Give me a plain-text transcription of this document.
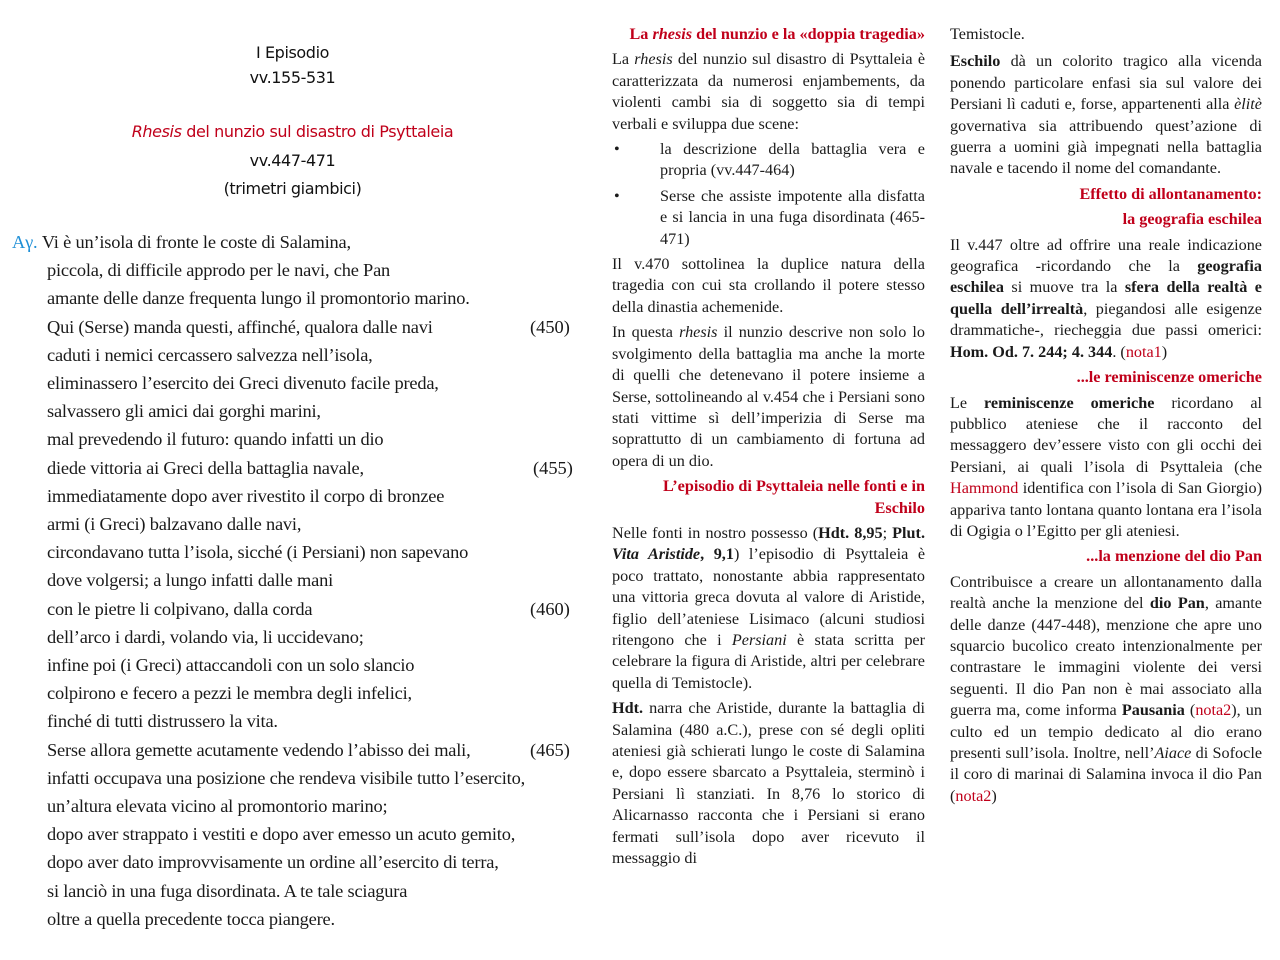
I Episodio
vv.155-531
Rhesis del nunzio sul disastro di Psyttaleia
vv.447-471
(trimetri giambici)
Aγ. Vi è un’isola di fronte le coste di Salamina,
piccola, di difficile approdo per le navi, che Pan
amante delle danze frequenta lungo il promontorio marino.
Qui (Serse) manda questi, affinché, qualora dalle navi	(450)
caduti i nemici cercassero salvezza nell’isola,
eliminassero l’esercito dei Greci divenuto facile preda,
salvassero gli amici dai gorghi marini,
mal prevedendo il futuro: quando infatti un dio
diede vittoria ai Greci della battaglia navale,	(455)
immediatamente dopo aver rivestito il corpo di bronzee
armi (i Greci) balzavano dalle navi,
circondavano tutta l’isola, sicché (i Persiani) non sapevano
dove volgersi; a lungo infatti dalle mani
con le pietre li colpivano, dalla corda	(460)
dell’arco i dardi, volando via, li uccidevano;
infine poi (i Greci) attaccandoli con un solo slancio
colpirono e fecero a pezzi le membra degli infelici,
finché di tutti distrussero la vita.
Serse allora gemette acutamente vedendo l’abisso dei mali,	(465)
infatti occupava una posizione che rendeva visibile tutto l’esercito,
un’altura elevata vicino al promontorio marino;
dopo aver strappato i vestiti e dopo aver emesso un acuto gemito,
dopo aver dato improvvisamente un ordine all’esercito di terra,
si lanciò in una fuga disordinata. A te tale sciagura
oltre a quella precedente tocca piangere.
La rhesis del nunzio e la «doppia tragedia»

La rhesis del nunzio sul disastro di Psyttaleia è caratterizzata da numerosi enjambements, da violenti cambi sia di soggetto sia di tempi verbali e sviluppa due scene:

• la descrizione della battaglia vera e propria (vv.447-464)
• Serse che assiste impotente alla disfatta e si lancia in una fuga disordinata (465-471)

Il v.470 sottolinea la duplice natura della tragedia con cui sta crollando il potere stesso della dinastia achemenide.

In questa rhesis il nunzio descrive non solo lo svolgimento della battaglia ma anche la morte di quelli che detenevano il potere insieme a Serse, sottolineando al v.454 che i Persiani sono stati vittime sì dell’imperizia di Serse ma soprattutto di un cambiamento di fortuna ad opera di un dio.

L’episodio di Psyttaleia nelle fonti e in Eschilo

Nelle fonti in nostro possesso (Hdt. 8,95; Plut. Vita Aristide, 9,1) l’episodio di Psyttaleia è poco trattato, nonostante abbia rappresentato una vittoria greca dovuta al valore di Aristide, figlio dell’ateniese Lisimaco (alcuni studiosi ritengono che i Persiani è stata scritta per celebrare la figura di Aristide, altri per celebrare quella di Temistocle).

Hdt. narra che Aristide, durante la battaglia di Salamina (480 a.C.), prese con sé degli opliti ateniesi già schierati lungo le coste di Salamina e, dopo essere sbarcato a Psyttaleia, sterminò i Persiani lì stanziati. In 8,76 lo storico di Alicarnasso racconta che i Persiani si erano fermati sull’isola dopo aver ricevuto il messaggio di

Temistocle.

Eschilo dà un colorito tragico alla vicenda ponendo particolare enfasi sia sul valore dei Persiani lì caduti e, forse, appartenenti alla èlitè governativa sia attribuendo quest’azione di guerra a uomini già impegnati nella battaglia navale e tacendo il nome del comandante.

Effetto di allontanamento:
la geografia eschilea

Il v.447 oltre ad offrire una reale indicazione geografica -ricordando che la geografia eschilea si muove tra la sfera della realtà e quella dell’irrealtà, piegandosi alle esigenze drammatiche-, riecheggia due passi omerici: Hom. Od. 7. 244; 4. 344. (nota1)

...le reminiscenze omeriche

Le reminiscenze omeriche ricordano al pubblico ateniese che il racconto del messaggero dev’essere visto con gli occhi dei Persiani, ai quali l’isola di Psyttaleia (che Hammond identifica con l’isola di San Giorgio) appariva tanto lontana quanto lontana era l’isola di Ogigia o l’Egitto per gli ateniesi.

...la menzione del dio Pan

Contribuisce a creare un allontanamento dalla realtà anche la menzione del dio Pan, amante delle danze (447-448), menzione che apre uno squarcio bucolico creato intenzionalmente per contrastare le immagini violente dei versi seguenti. Il dio Pan non è mai associato alla guerra ma, come informa Pausania (nota2), un culto ed un tempio dedicato al dio erano presenti sull’isola. Inoltre, nell’Aiace di Sofocle il coro di marinai di Salamina invoca il dio Pan (nota2)
